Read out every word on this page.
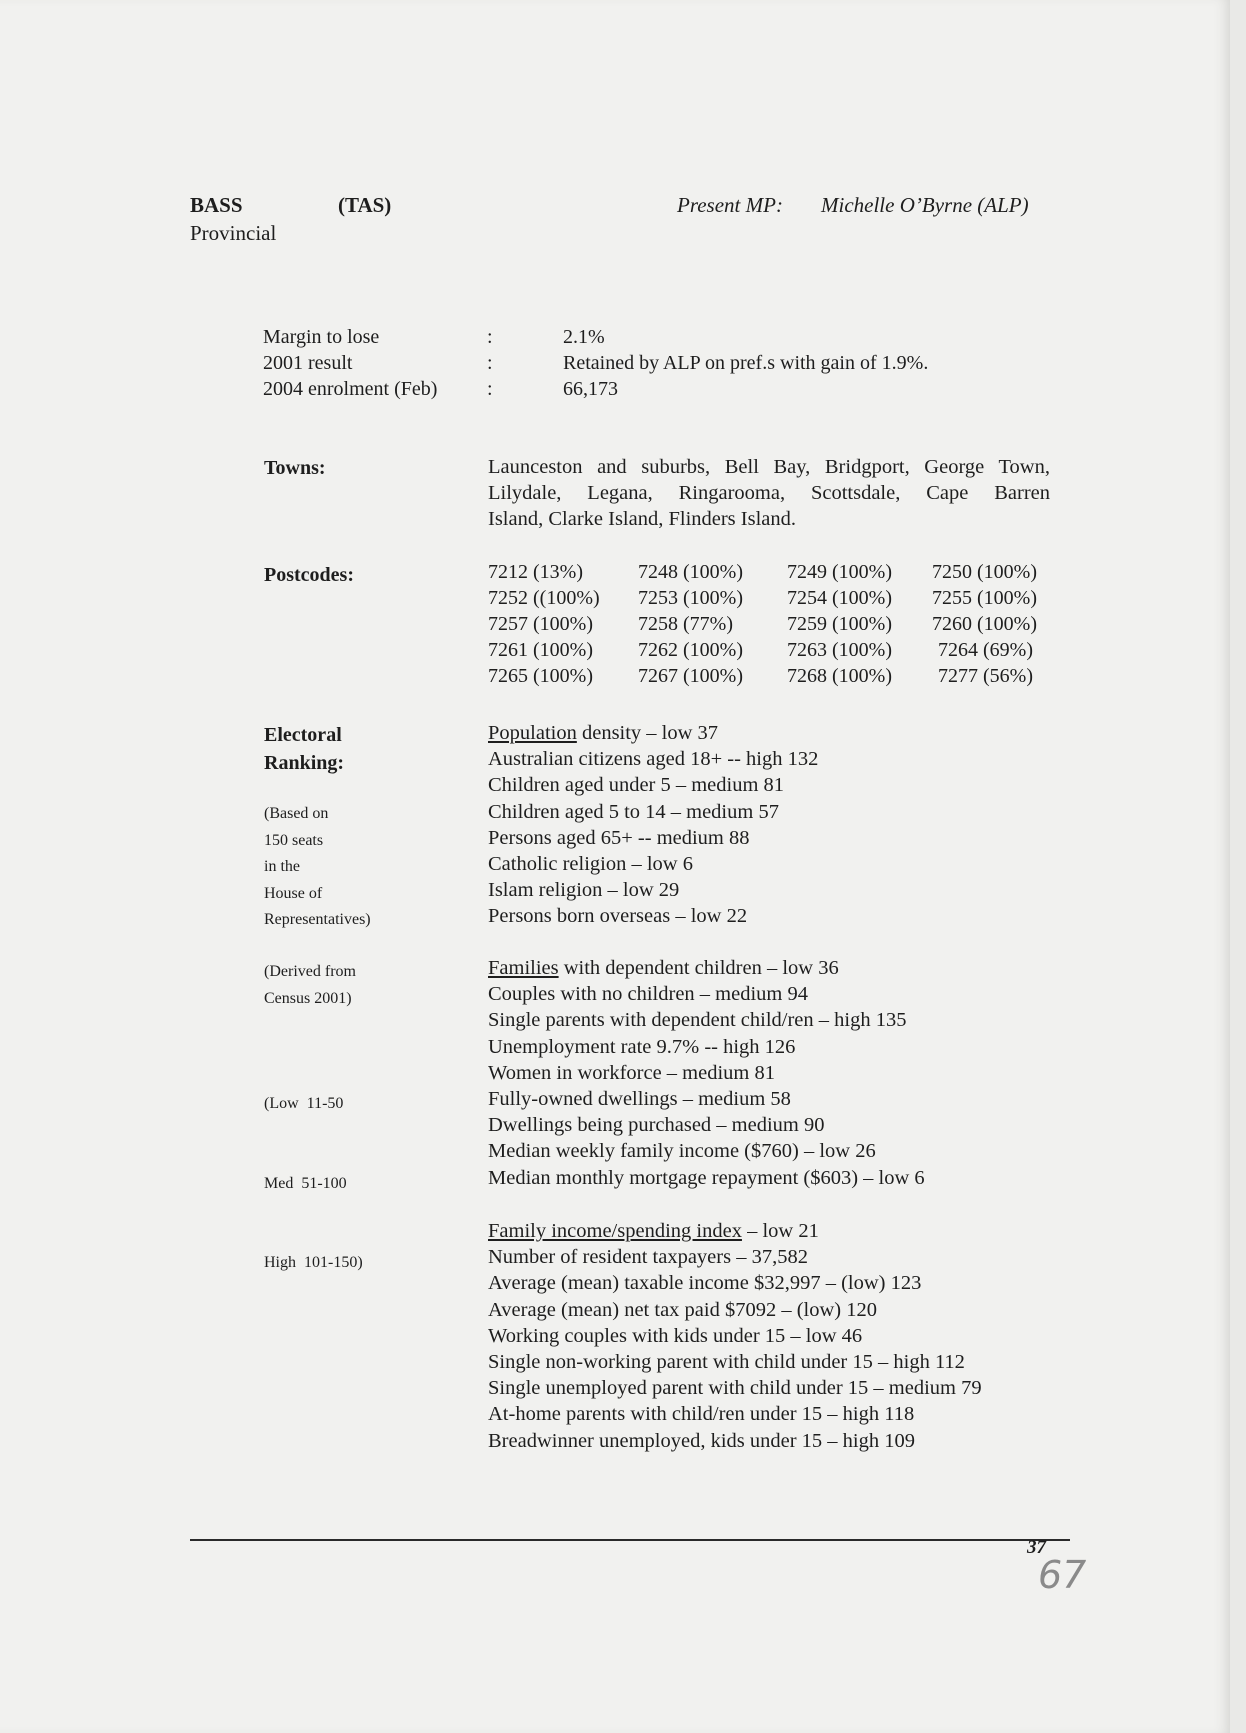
BASS	(TAS)
Provincial
Present MP: Michelle O’Byrne (ALP)
Margin to lose	:	2.1%
2001 result	:	Retained by ALP on pref.s with gain of 1.9%.
2004 enrolment (Feb) :	66,173
Towns:	Launceston and suburbs, Bell Bay, Bridgport, George Town,
Lilydale, Legana, Ringarooma, Scottsdale, Cape Barren
Island, Clarke Island, Flinders Island.
Postcodes:	7212 (13%)	7248 (100%)	7249 (100%)	7250 (100%)
7252 ((100%)	7253 (100%)	7254 (100%)	7255 (100%)
7257 (100%)	7258 (77%)	7259 (100%)	7260 (100%)
7261 (100%)	7262 (100%)	7263 (100%)	7264 (69%)
7265 (100%)	7267 (100%)	7268 (100%)	7277 (56%)
Electoral
Ranking:
(Based on
150 seats
in the
House of
Representatives)
(Derived from
Census 2001)

(Low  11-50

Med  51-100

High  101-150)

Population density – low 37
Australian citizens aged 18+ -- high 132
Children aged under 5 – medium 81
Children aged 5 to 14 – medium 57
Persons aged 65+ -- medium 88
Catholic religion – low 6
Islam religion – low 29
Persons born overseas – low 22
Families with dependent children – low 36
Couples with no children – medium 94
Single parents with dependent child/ren – high 135
Unemployment rate 9.7% -- high 126
Women in workforce – medium 81
Fully-owned dwellings – medium 58
Dwellings being purchased – medium 90
Median weekly family income ($760) – low 26
Median monthly mortgage repayment ($603) – low 6
Family income/spending index – low 21
Number of resident taxpayers – 37,582
Average (mean) taxable income $32,997 – (low) 123
Average (mean) net tax paid $7092 – (low) 120
Working couples with kids under 15 – low 46
Single non-working parent with child under 15 – high 112
Single unemployed parent with child under 15 – medium 79
At-home parents with child/ren under 15 – high 118
Breadwinner unemployed, kids under 15 – high 109
37
67
